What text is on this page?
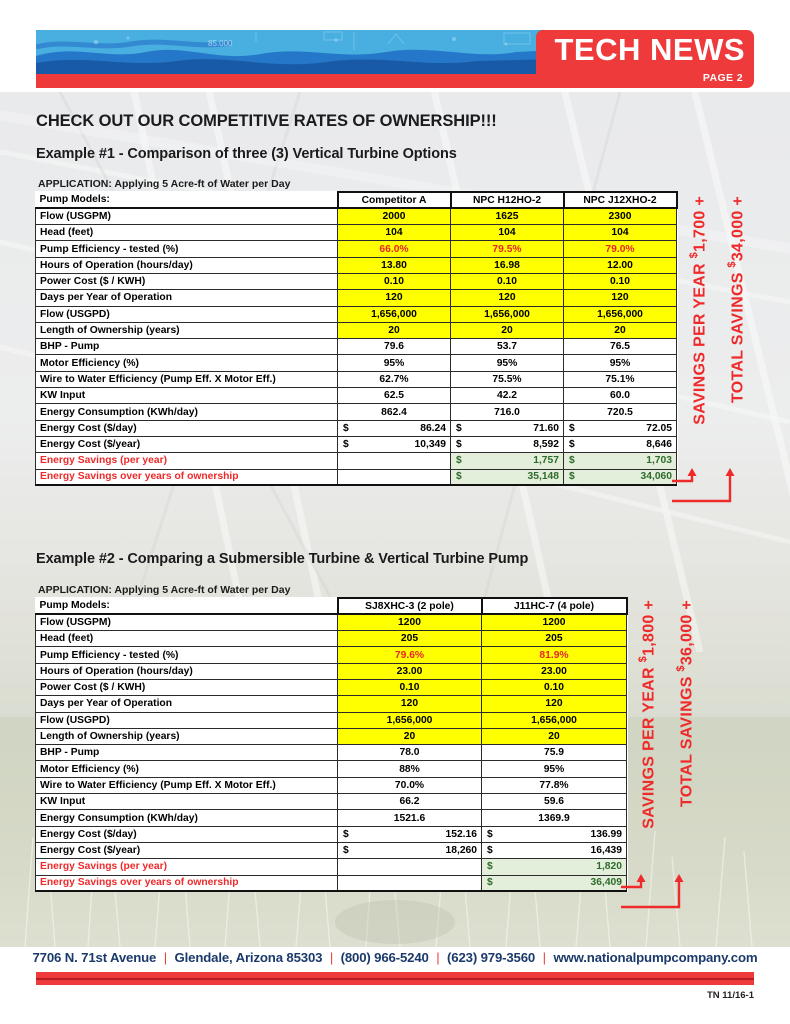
85.000	TECH NEWS
PAGE 2
CHECK OUT OUR COMPETITIVE RATES OF OWNERSHIP!!!
Example #1 - Comparison of three (3) Vertical Turbine Options
APPLICATION: Applying 5 Acre-ft of Water per Day
Pump Models:	Competitor A	NPC H12HO-2	NPC J12XHO-2
Flow (USGPM)	2000	1625	2300
Head (feet)	104	104	104
Pump Efficiency - tested (%)	66.0%	79.5%	79.0%
Hours of Operation (hours/day)	13.80	16.98	12.00
Power Cost ($ / KWH)	0.10	0.10	0.10
Days per Year of Operation	120	120	120
Flow (USGPD)	1,656,000	1,656,000	1,656,000
Length of Ownership (years)	20	20	20
BHP - Pump	79.6	53.7	76.5
Motor Efficiency (%)	95%	95%	95%
Wire to Water Efficiency (Pump Eff. X Motor Eff.)	62.7%	75.5%	75.1%
KW Input	62.5	42.2	60.0
Energy Consumption (KWh/day)	862.4	716.0	720.5
Energy Cost ($/day)	$ 86.24	$ 71.60	$ 72.05
Energy Cost ($/year)	$ 10,349	$ 8,592	$ 8,646
Energy Savings (per year)		$ 1,757	$ 1,703
Energy Savings over years of ownership		$ 35,148	$ 34,060
SAVINGS PER YEAR $1,700 +
TOTAL SAVINGS $34,000 +
Example #2 - Comparing a Submersible Turbine & Vertical Turbine Pump
APPLICATION: Applying 5 Acre-ft of Water per Day
Pump Models:	SJ8XHC-3 (2 pole)	J11HC-7 (4 pole)
Flow (USGPM)	1200	1200
Head (feet)	205	205
Pump Efficiency - tested (%)	79.6%	81.9%
Hours of Operation (hours/day)	23.00	23.00
Power Cost ($ / KWH)	0.10	0.10
Days per Year of Operation	120	120
Flow (USGPD)	1,656,000	1,656,000
Length of Ownership (years)	20	20
BHP - Pump	78.0	75.9
Motor Efficiency (%)	88%	95%
Wire to Water Efficiency (Pump Eff. X Motor Eff.)	70.0%	77.8%
KW Input	66.2	59.6
Energy Consumption (KWh/day)	1521.6	1369.9
Energy Cost ($/day)	$ 152.16	$ 136.99
Energy Cost ($/year)	$ 18,260	$ 16,439
Energy Savings (per year)		$ 1,820
Energy Savings over years of ownership		$ 36,409
SAVINGS PER YEAR $1,800 +
TOTAL SAVINGS $36,000 +
7706 N. 71st Avenue | Glendale, Arizona 85303 | (800) 966-5240 | (623) 979-3560 | www.nationalpumpcompany.com
TN 11/16-1
